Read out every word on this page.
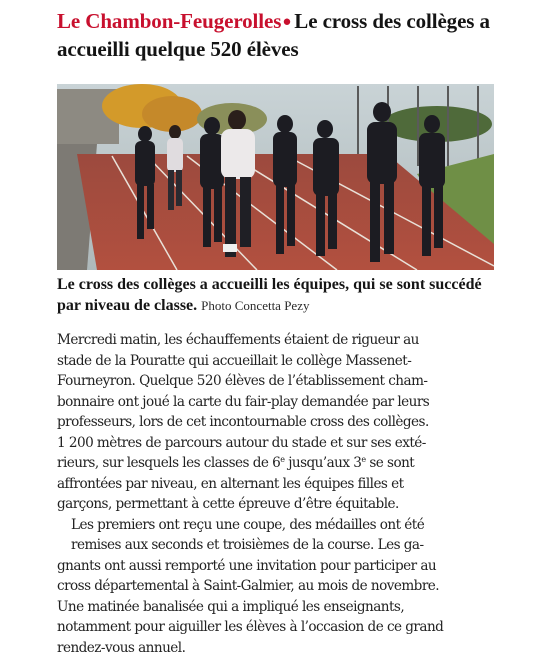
Le Chambon-Feugerolles● Le cross des collèges a accueilli quelque 520 élèves
Le cross des collèges a accueilli les équipes, qui se sont succédé par niveau de classe. Photo Concetta Pezy

Mercredi matin, les échauffements étaient de rigueur au
stade de la Pouratte qui accueillait le collège Massenet-
Fourneyron. Quelque 520 élèves de l’établissement cham-
bonnaire ont joué la carte du fair-play demandée par leurs
professeurs, lors de cet incontournable cross des collèges.
1 200 mètres de parcours autour du stade et sur ses exté-
rieurs, sur lesquels les classes de 6e jusqu’aux 3e se sont
affrontées par niveau, en alternant les équipes filles et
garçons, permettant à cette épreuve d’être équitable.

Les premiers ont reçu une coupe, des médailles ont été
remises aux seconds et troisièmes de la course. Les ga-
gnants ont aussi remporté une invitation pour participer au
cross départemental à Saint-Galmier, au mois de novembre.
Une matinée banalisée qui a impliqué les enseignants,
notamment pour aiguiller les élèves à l’occasion de ce grand
rendez-vous annuel.
